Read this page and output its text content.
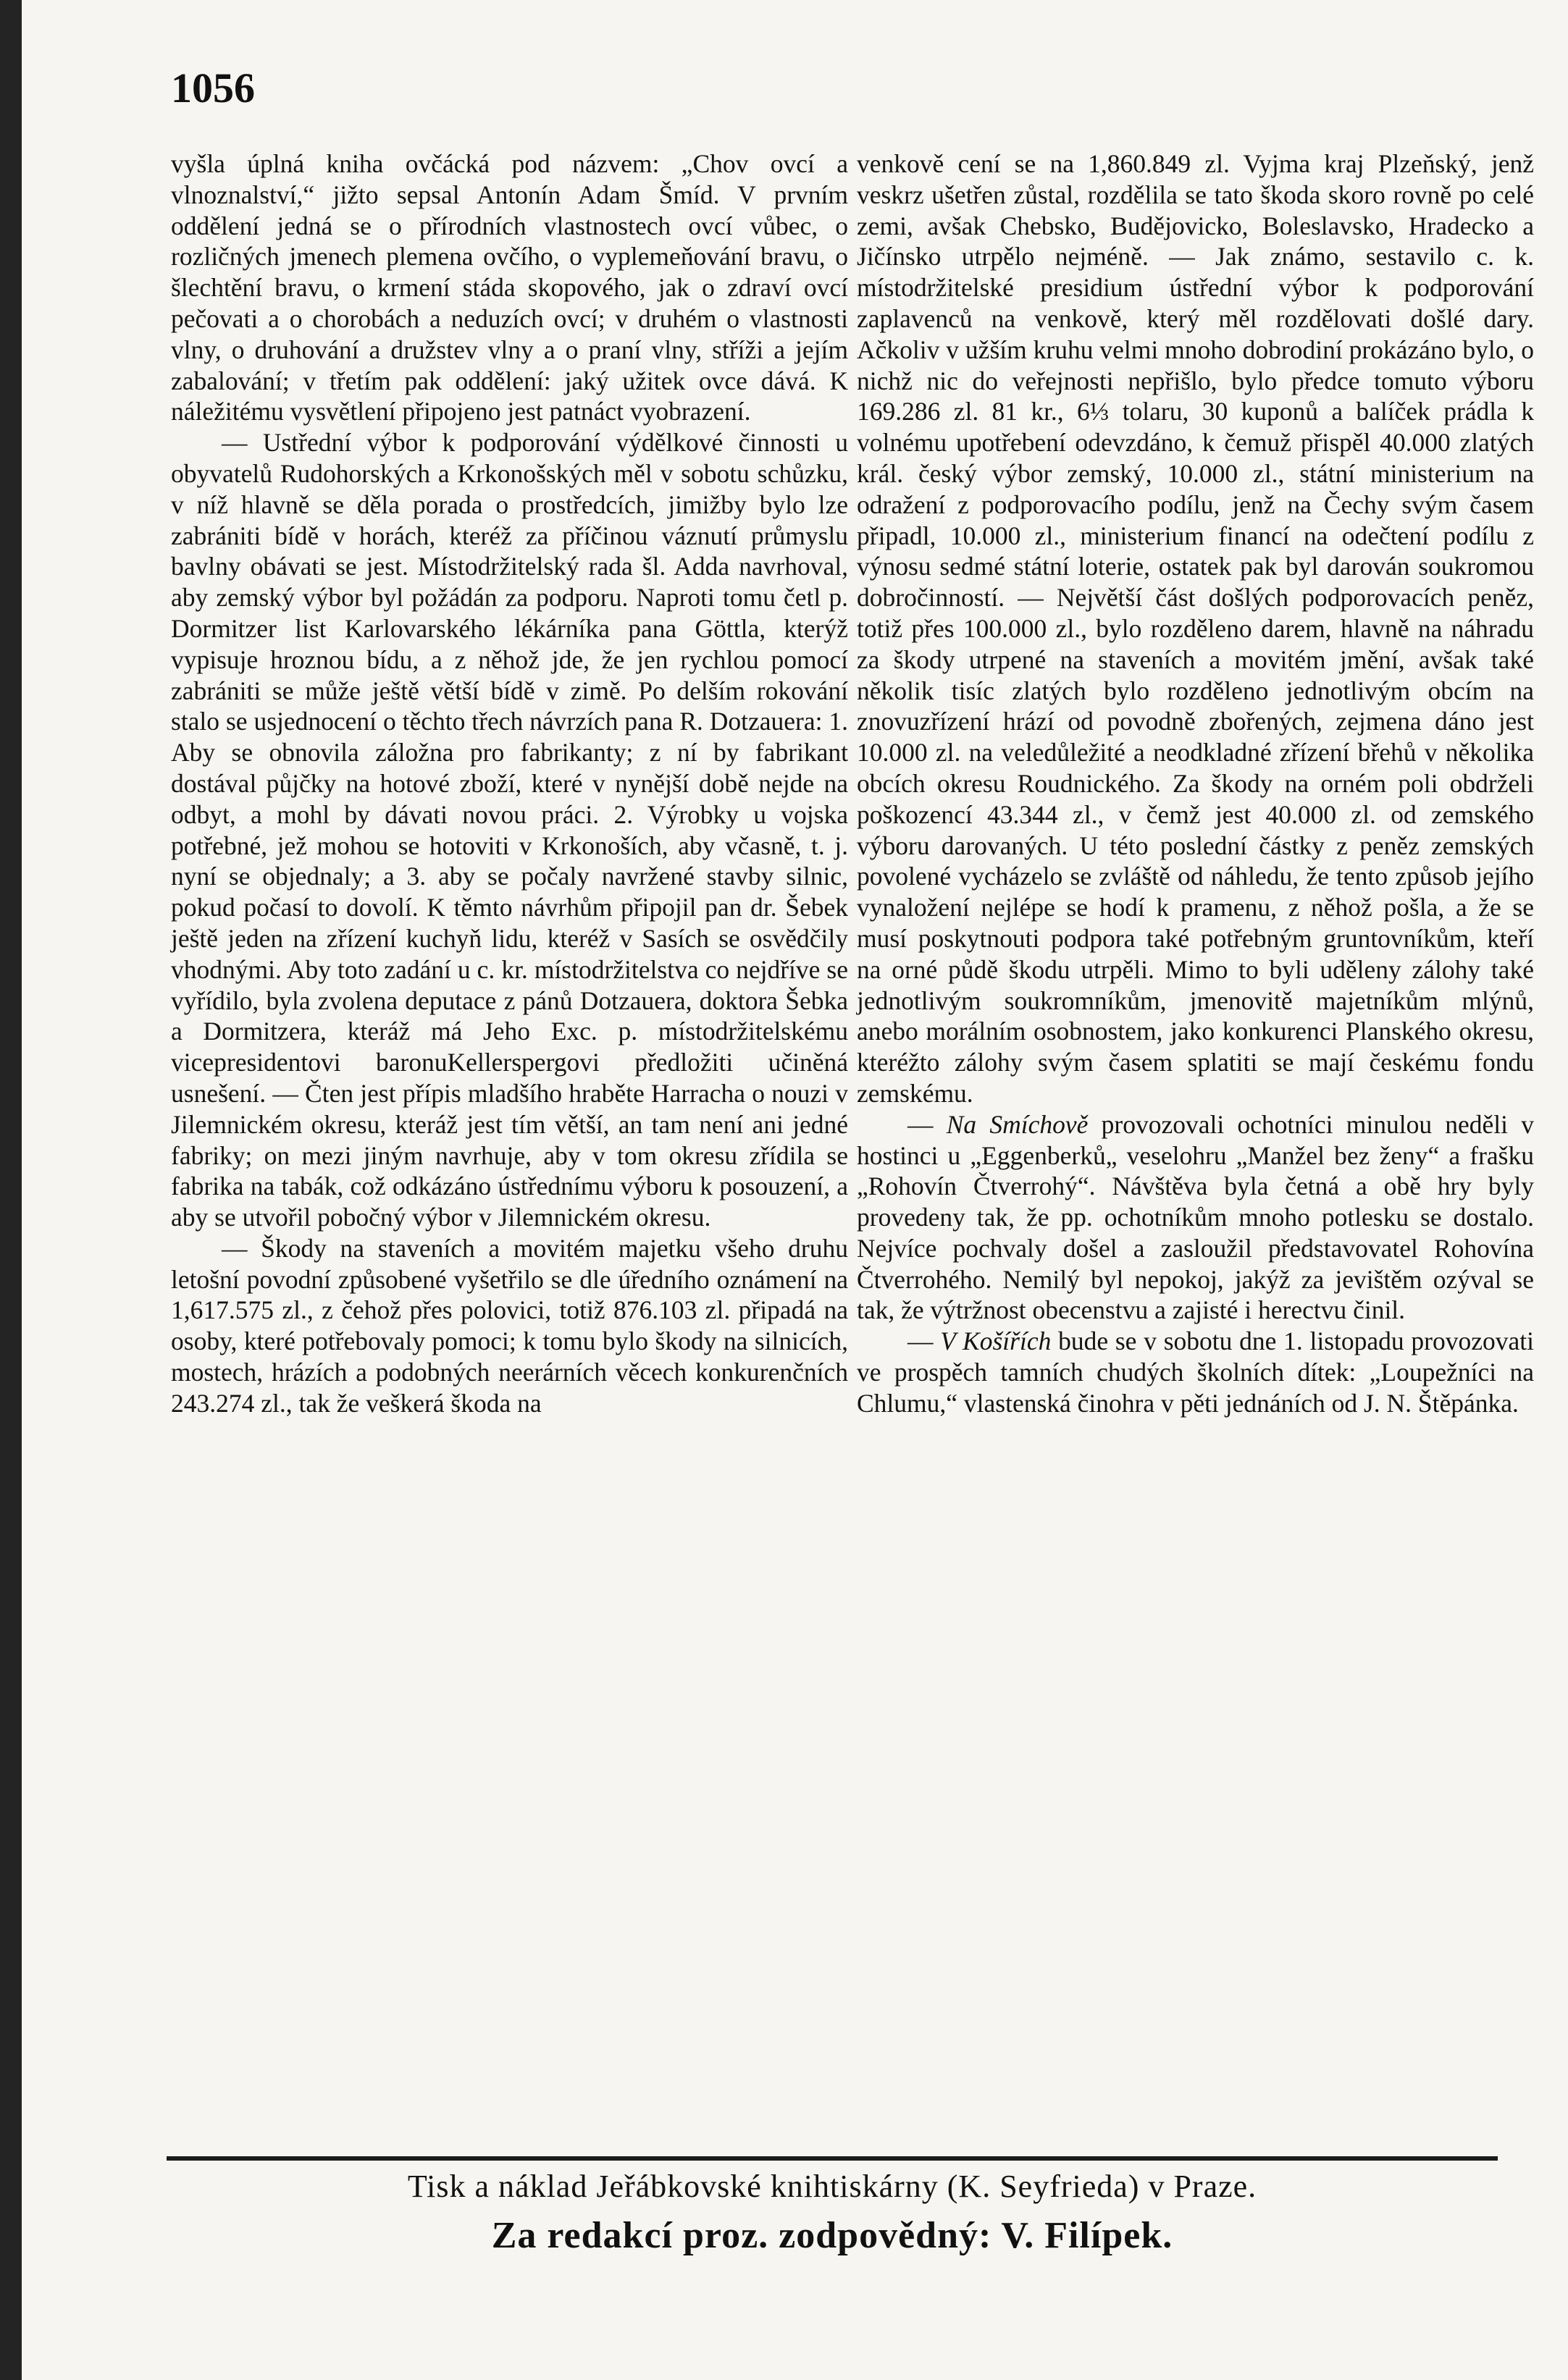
1056

vyšla úplná kniha ovčácká pod názvem: „Chov ovcí a vlnoznalství,“ jižto sepsal Antonín Adam Šmíd. V prvním oddělení jedná se o přírodních vlastnostech ovcí vůbec, o rozličných jmenech plemena ovčího, o vyplemeňování bravu, o šlechtění bravu, o krmení stáda skopového, jak o zdraví ovcí pečovati a o chorobách a neduzích ovcí; v druhém o vlastnosti vlny, o druhování a družstev vlny a o praní vlny, stříži a jejím zabalování; v třetím pak oddělení: jaký užitek ovce dává. K náležitému vysvětlení připojeno jest patnáct vyobrazení.

— Ustřední výbor k podporování výdělkové činnosti u obyvatelů Rudohorských a Krkonošských měl v sobotu schůzku, v níž hlavně se děla porada o prostředcích, jimižby bylo lze zabrániti bídě v horách, kteréž za příčinou váznutí průmyslu bavlny obávati se jest. Místodržitelský rada šl. Adda navrhoval, aby zemský výbor byl požádán za podporu. Naproti tomu četl p. Dormitzer list Karlovarského lékárníka pana Göttla, kterýž vypisuje hroznou bídu, a z něhož jde, že jen rychlou pomocí zabrániti se může ještě větší bídě v zimě. Po delším rokování stalo se usjednocení o těchto třech návrzích pana R. Dotzauera: 1. Aby se obnovila záložna pro fabrikanty; z ní by fabrikant dostával půjčky na hotové zboží, které v nynější době nejde na odbyt, a mohl by dávati novou práci. 2. Výrobky u vojska potřebné, jež mohou se hotoviti v Krkonoších, aby včasně, t. j. nyní se objednaly; a 3. aby se počaly navržené stavby silnic, pokud počasí to dovolí. K těmto návrhům připojil pan dr. Šebek ještě jeden na zřízení kuchyň lidu, kteréž v Sasích se osvědčily vhodnými. Aby toto zadání u c. kr. místodržitelstva co nejdříve se vyřídilo, byla zvolena deputace z pánů Dotzauera, doktora Šebka a Dormitzera, kteráž má Jeho Exc. p. místodržitelskému vicepresidentovi baronuKellerspergovi předložiti učiněná usnešení. — Čten jest přípis mladšího hraběte Harracha o nouzi v Jilemnickém okresu, kteráž jest tím větší, an tam není ani jedné fabriky; on mezi jiným navrhuje, aby v tom okresu zřídila se fabrika na tabák, což odkázáno ústřednímu výboru k posouzení, a aby se utvořil pobočný výbor v Jilemnickém okresu.

— Škody na staveních a movitém majetku všeho druhu letošní povodní způsobené vyšetřilo se dle úředního oznámení na 1,617.575 zl., z čehož přes polovici, totiž 876.103 zl. připadá na osoby, které potřebovaly pomoci; k tomu bylo škody na silnicích, mostech, hrázích a podobných neerárních věcech konkurenčních 243.274 zl., tak že veškerá škoda na

venkově cení se na 1,860.849 zl. Vyjma kraj Plzeňský, jenž veskrz ušetřen zůstal, rozdělila se tato škoda skoro rovně po celé zemi, avšak Chebsko, Budějovicko, Boleslavsko, Hradecko a Jičínsko utrpělo nejméně. — Jak známo, sestavilo c. k. místodržitelské presidium ústřední výbor k podporování zaplavenců na venkově, který měl rozdělovati došlé dary. Ačkoliv v užším kruhu velmi mnoho dobrodiní prokázáno bylo, o nichž nic do veřejnosti nepřišlo, bylo předce tomuto výboru 169.286 zl. 81 kr., 6⅓ tolaru, 30 kuponů a balíček prádla k volnému upotřebení odevzdáno, k čemuž přispěl 40.000 zlatých král. český výbor zemský, 10.000 zl., státní ministerium na odražení z podporovacího podílu, jenž na Čechy svým časem připadl, 10.000 zl., ministerium financí na odečtení podílu z výnosu sedmé státní loterie, ostatek pak byl darován soukromou dobročinností. — Největší část došlých podporovacích peněz, totiž přes 100.000 zl., bylo rozděleno darem, hlavně na náhradu za škody utrpené na staveních a movitém jmění, avšak také několik tisíc zlatých bylo rozděleno jednotlivým obcím na znovuzřízení hrází od povodně zbořených, zejmena dáno jest 10.000 zl. na veledůležité a neodkladné zřízení břehů v několika obcích okresu Roudnického. Za škody na orném poli obdrželi poškozencí 43.344 zl., v čemž jest 40.000 zl. od zemského výboru darovaných. U této poslední částky z peněz zemských povolené vycházelo se zvláště od náhledu, že tento způsob jejího vynaložení nejlépe se hodí k pramenu, z něhož pošla, a že se musí poskytnouti podpora také potřebným gruntovníkům, kteří na orné půdě škodu utrpěli. Mimo to byli uděleny zálohy také jednotlivým soukromníkům, jmenovitě majetníkům mlýnů, anebo morálním osobnostem, jako konkurenci Planského okresu, kteréžto zálohy svým časem splatiti se mají českému fondu zemskému.

— Na Smíchově provozovali ochotníci minulou neděli v hostinci u „Eggenberků„ veselohru „Manžel bez ženy“ a frašku „Rohovín Čtverrohý“. Návštěva byla četná a obě hry byly provedeny tak, že pp. ochotníkům mnoho potlesku se dostalo. Nejvíce pochvaly došel a zasloužil představovatel Rohovína Čtverrohého. Nemilý byl nepokoj, jakýž za jevištěm ozýval se tak, že výtržnost obecenstvu a zajisté i herectvu činil.

— V Košířích bude se v sobotu dne 1. listopadu provozovati ve prospěch tamních chudých školních dítek: „Loupežníci na Chlumu,“ vlastenská činohra v pěti jednáních od J. N. Štěpánka.

Tisk a náklad Jeřábkovské knihtiskárny (K. Seyfrieda) v Praze.
Za redakcí proz. zodpovědný: V. Filípek.
